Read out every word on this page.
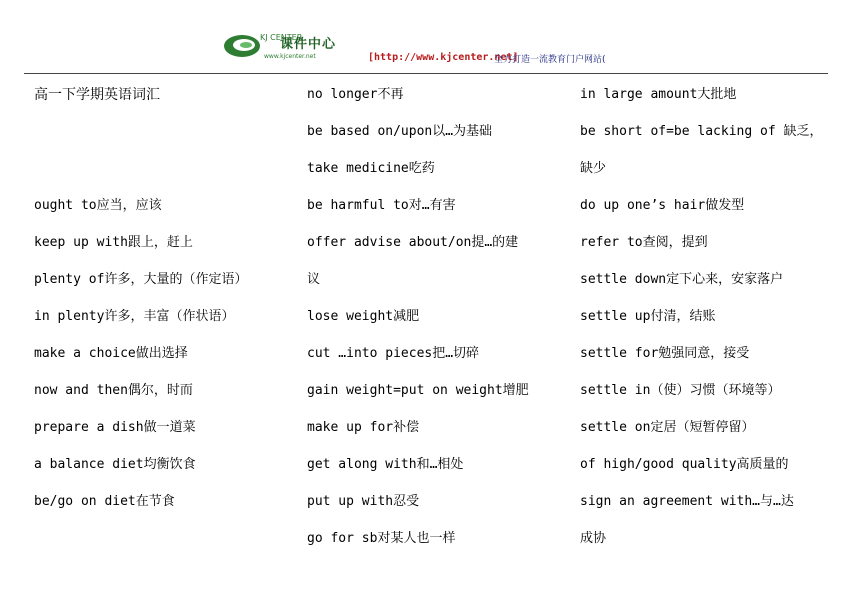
KJ CENTER
课件中心
www.kjcenter.net	[http://www.kjcenter.net]
全力打造一流教育门户网站(
高一下学期英语词汇
ought to应当，应该
keep up with跟上，赶上
plenty of许多，大量的（作定语）
in plenty许多，丰富（作状语）
make a choice做出选择
now and then偶尔，时而
prepare a dish做一道菜
a balance diet均衡饮食
be/go on diet在节食
no longer不再
be based on/upon以…为基础
take medicine吃药
be harmful to对…有害
offer advise about/on提…的建
议
lose weight减肥
cut …into pieces把…切碎
gain weight=put on weight增肥
make up for补偿
get along with和…相处
put up with忍受
go for sb对某人也一样
in large amount大批地
be short of=be lacking of 缺乏，
缺少
do up one’s hair做发型
refer to查阅，提到
settle down定下心来，安家落户
settle up付清，结账
settle for勉强同意，接受
settle in（使）习惯（环境等）
settle on定居（短暂停留）
of high/good quality高质量的
sign an agreement with…与…达
成协
